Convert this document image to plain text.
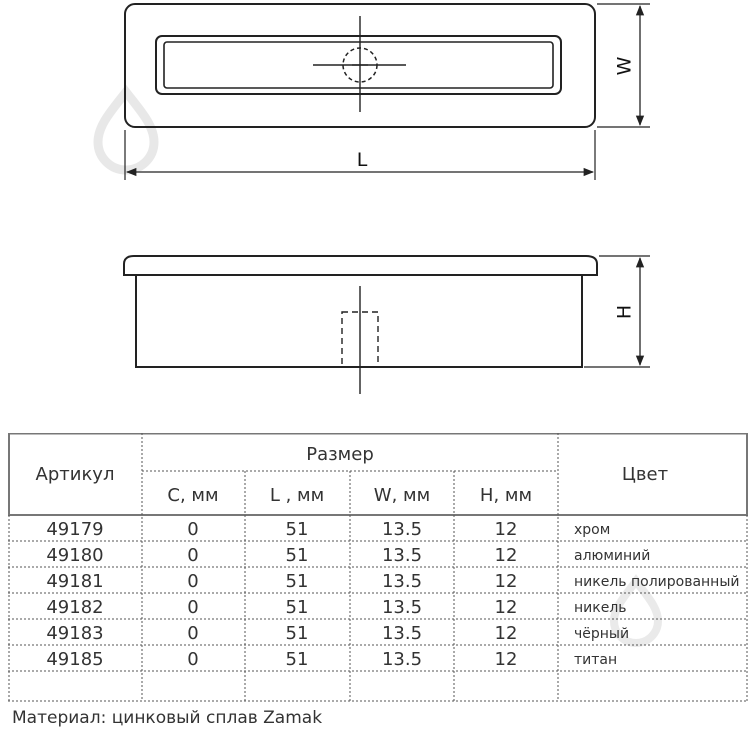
W
L
H
Артикул
Размер
Цвет
C, мм	L , мм	W, мм	H, мм
49179	0	51	13.5	12	хром
49180	0	51	13.5	12	алюминий
49181	0	51	13.5	12	никель полированный
49182	0	51	13.5	12	никель
49183	0	51	13.5	12	чёрный
49185	0	51	13.5	12	титан
Материал: цинковый сплав Zamak
